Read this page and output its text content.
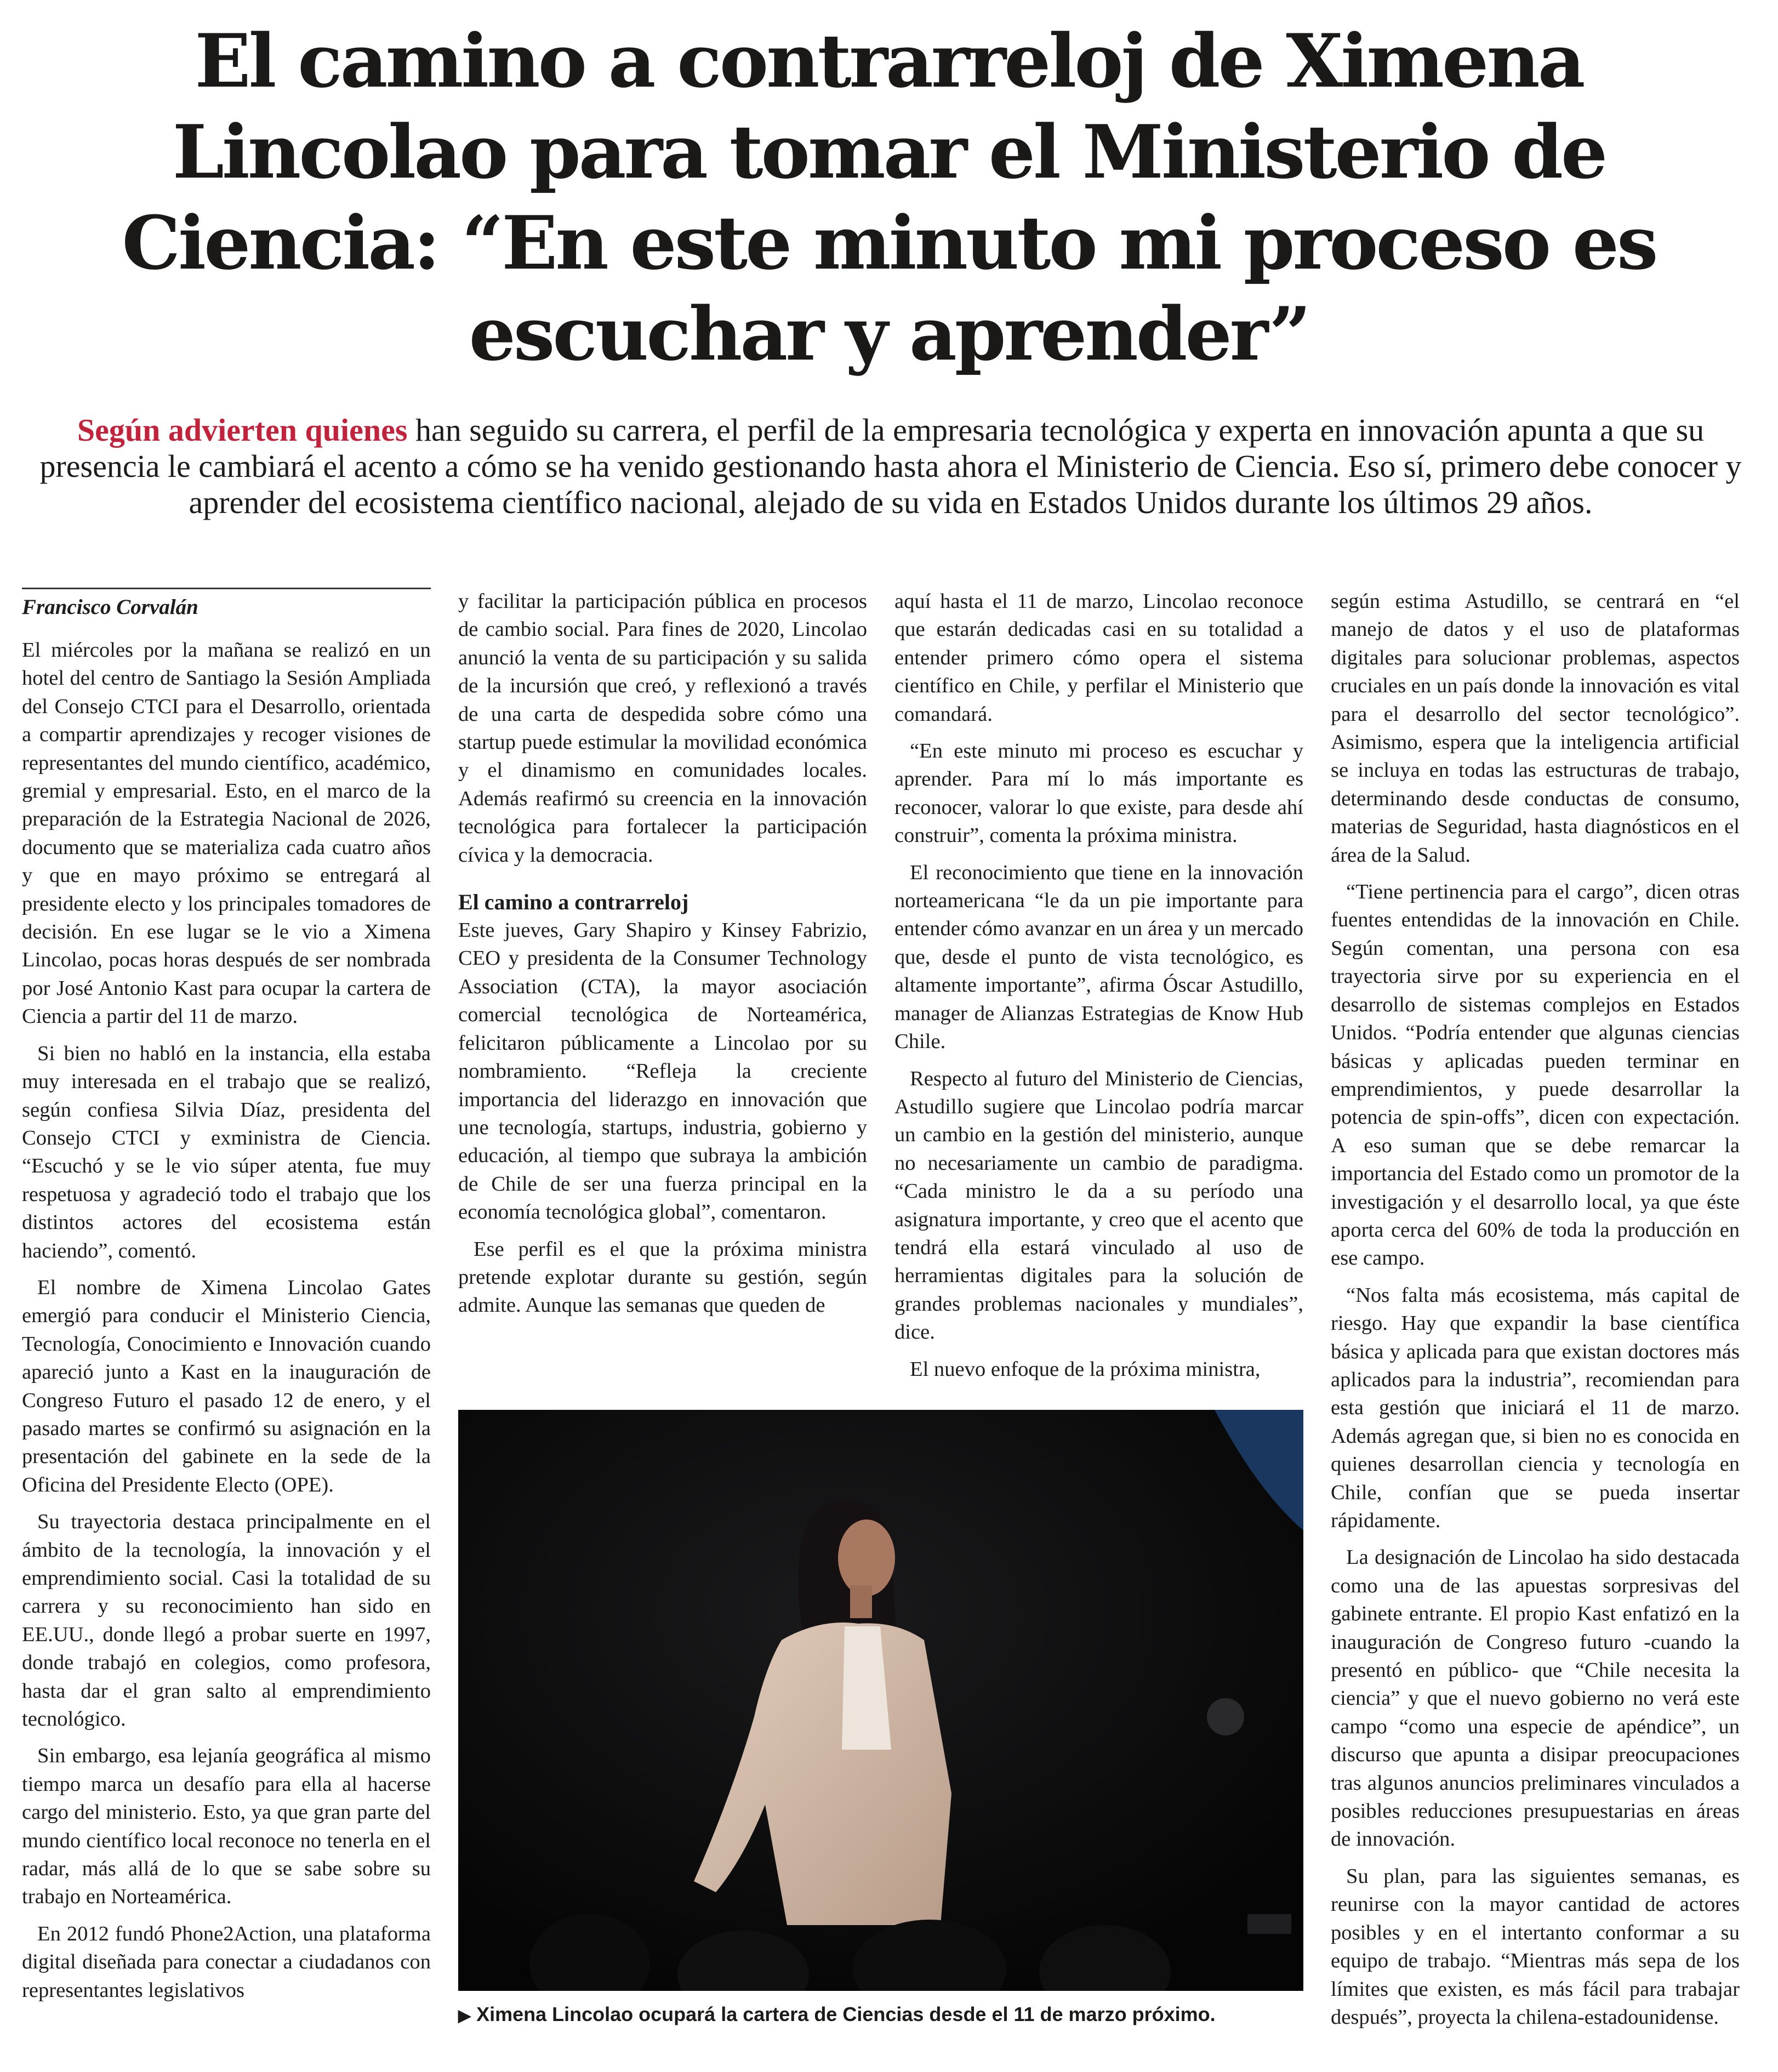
El camino a contrarreloj de Ximena Lincolao para tomar el Ministerio de Ciencia: “En este minuto mi proceso es escuchar y aprender”

Según advierten quienes han seguido su carrera, el perfil de la empresaria tecnológica y experta en innovación apunta a que su presencia le cambiará el acento a cómo se ha venido gestionando hasta ahora el Ministerio de Ciencia. Eso sí, primero debe conocer y aprender del ecosistema científico nacional, alejado de su vida en Estados Unidos durante los últimos 29 años.

Francisco Corvalán

El miércoles por la mañana se realizó en un hotel del centro de Santiago la Sesión Ampliada del Consejo CTCI para el Desarrollo, orientada a compartir aprendizajes y recoger visiones de representantes del mundo científico, académico, gremial y empresarial. Esto, en el marco de la preparación de la Estrategia Nacional de 2026, documento que se materializa cada cuatro años y que en mayo próximo se entregará al presidente electo y los principales tomadores de decisión. En ese lugar se le vio a Ximena Lincolao, pocas horas después de ser nombrada por José Antonio Kast para ocupar la cartera de Ciencia a partir del 11 de marzo.

Si bien no habló en la instancia, ella estaba muy interesada en el trabajo que se realizó, según confiesa Silvia Díaz, presidenta del Consejo CTCI y exministra de Ciencia. “Escuchó y se le vio súper atenta, fue muy respetuosa y agradeció todo el trabajo que los distintos actores del ecosistema están haciendo”, comentó.

El nombre de Ximena Lincolao Gates emergió para conducir el Ministerio Ciencia, Tecnología, Conocimiento e Innovación cuando apareció junto a Kast en la inauguración de Congreso Futuro el pasado 12 de enero, y el pasado martes se confirmó su asignación en la presentación del gabinete en la sede de la Oficina del Presidente Electo (OPE).

Su trayectoria destaca principalmente en el ámbito de la tecnología, la innovación y el emprendimiento social. Casi la totalidad de su carrera y su reconocimiento han sido en EE.UU., donde llegó a probar suerte en 1997, donde trabajó en colegios, como profesora, hasta dar el gran salto al emprendimiento tecnológico.

Sin embargo, esa lejanía geográfica al mismo tiempo marca un desafío para ella al hacerse cargo del ministerio. Esto, ya que gran parte del mundo científico local reconoce no tenerla en el radar, más allá de lo que se sabe sobre su trabajo en Norteamérica.

En 2012 fundó Phone2Action, una plataforma digital diseñada para conectar a ciudadanos con representantes legislativos

y facilitar la participación pública en procesos de cambio social. Para fines de 2020, Lincolao anunció la venta de su participación y su salida de la incursión que creó, y reflexionó a través de una carta de despedida sobre cómo una startup puede estimular la movilidad económica y el dinamismo en comunidades locales. Además reafirmó su creencia en la innovación tecnológica para fortalecer la participación cívica y la democracia.

El camino a contrarreloj

Este jueves, Gary Shapiro y Kinsey Fabrizio, CEO y presidenta de la Consumer Technology Association (CTA), la mayor asociación comercial tecnológica de Norteamérica, felicitaron públicamente a Lincolao por su nombramiento. “Refleja la creciente importancia del liderazgo en innovación que une tecnología, startups, industria, gobierno y educación, al tiempo que subraya la ambición de Chile de ser una fuerza principal en la economía tecnológica global”, comentaron.

Ese perfil es el que la próxima ministra pretende explotar durante su gestión, según admite. Aunque las semanas que queden de

aquí hasta el 11 de marzo, Lincolao reconoce que estarán dedicadas casi en su totalidad a entender primero cómo opera el sistema científico en Chile, y perfilar el Ministerio que comandará.

“En este minuto mi proceso es escuchar y aprender. Para mí lo más importante es reconocer, valorar lo que existe, para desde ahí construir”, comenta la próxima ministra.

El reconocimiento que tiene en la innovación norteamericana “le da un pie importante para entender cómo avanzar en un área y un mercado que, desde el punto de vista tecnológico, es altamente importante”, afirma Óscar Astudillo, manager de Alianzas Estrategias de Know Hub Chile.

Respecto al futuro del Ministerio de Ciencias, Astudillo sugiere que Lincolao podría marcar un cambio en la gestión del ministerio, aunque no necesariamente un cambio de paradigma. “Cada ministro le da a su período una asignatura importante, y creo que el acento que tendrá ella estará vinculado al uso de herramientas digitales para la solución de grandes problemas nacionales y mundiales”, dice.

El nuevo enfoque de la próxima ministra,

según estima Astudillo, se centrará en “el manejo de datos y el uso de plataformas digitales para solucionar problemas, aspectos cruciales en un país donde la innovación es vital para el desarrollo del sector tecnológico”. Asimismo, espera que la inteligencia artificial se incluya en todas las estructuras de trabajo, determinando desde conductas de consumo, materias de Seguridad, hasta diagnósticos en el área de la Salud.

“Tiene pertinencia para el cargo”, dicen otras fuentes entendidas de la innovación en Chile. Según comentan, una persona con esa trayectoria sirve por su experiencia en el desarrollo de sistemas complejos en Estados Unidos. “Podría entender que algunas ciencias básicas y aplicadas pueden terminar en emprendimientos, y puede desarrollar la potencia de spin-offs”, dicen con expectación. A eso suman que se debe remarcar la importancia del Estado como un promotor de la investigación y el desarrollo local, ya que éste aporta cerca del 60% de toda la producción en ese campo.

“Nos falta más ecosistema, más capital de riesgo. Hay que expandir la base científica básica y aplicada para que existan doctores más aplicados para la industria”, recomiendan para esta gestión que iniciará el 11 de marzo. Además agregan que, si bien no es conocida en quienes desarrollan ciencia y tecnología en Chile, confían que se pueda insertar rápidamente.

La designación de Lincolao ha sido destacada como una de las apuestas sorpresivas del gabinete entrante. El propio Kast enfatizó en la inauguración de Congreso futuro -cuando la presentó en público- que “Chile necesita la ciencia” y que el nuevo gobierno no verá este campo “como una especie de apéndice”, un discurso que apunta a disipar preocupaciones tras algunos anuncios preliminares vinculados a posibles reducciones presupuestarias en áreas de innovación.

Su plan, para las siguientes semanas, es reunirse con la mayor cantidad de actores posibles y en el intertanto conformar a su equipo de trabajo. “Mientras más sepa de los límites que existen, es más fácil para trabajar después”, proyecta la chilena-estadounidense.

▶ Ximena Lincolao ocupará la cartera de Ciencias desde el 11 de marzo próximo.
